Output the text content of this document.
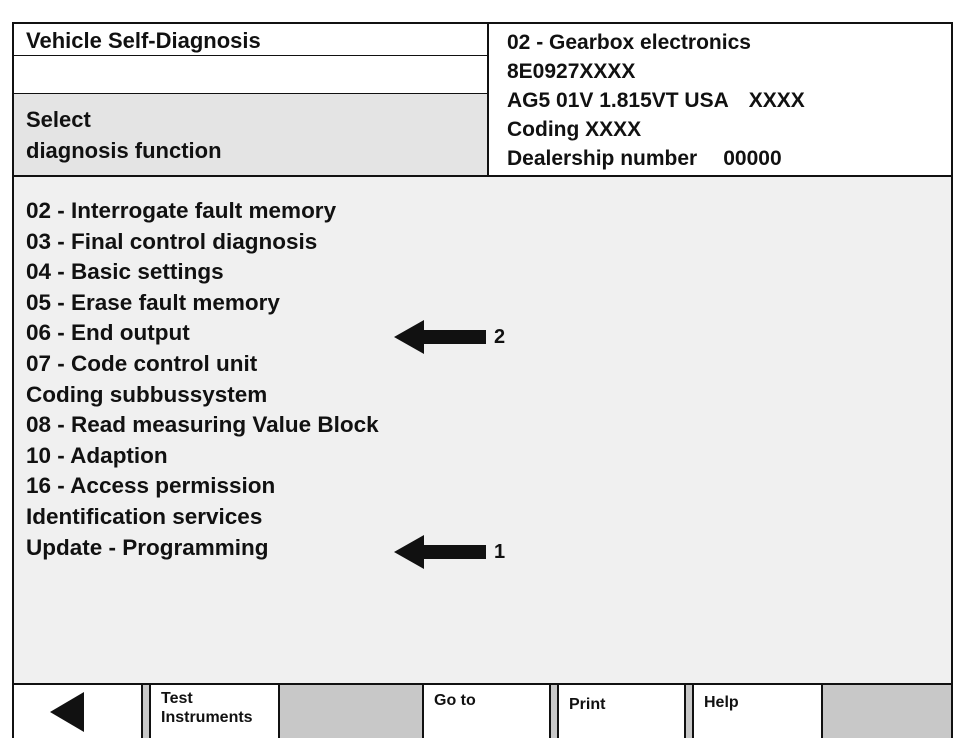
Vehicle Self-Diagnosis
Select
diagnosis function
02 - Gearbox electronics
8E0927XXXX
AG5 01V 1.815VT USA XXXX
Coding XXXX
Dealership number 00000
02 - Interrogate fault memory
03 - Final control diagnosis
04 - Basic settings
05 - Erase fault memory
06 - End output
07 - Code control unit
Coding subbussystem
08 - Read measuring Value Block
10 - Adaption
16 - Access permission
Identification services
Update - Programming
2
1
Test
Instruments
Go to	Print	Help
